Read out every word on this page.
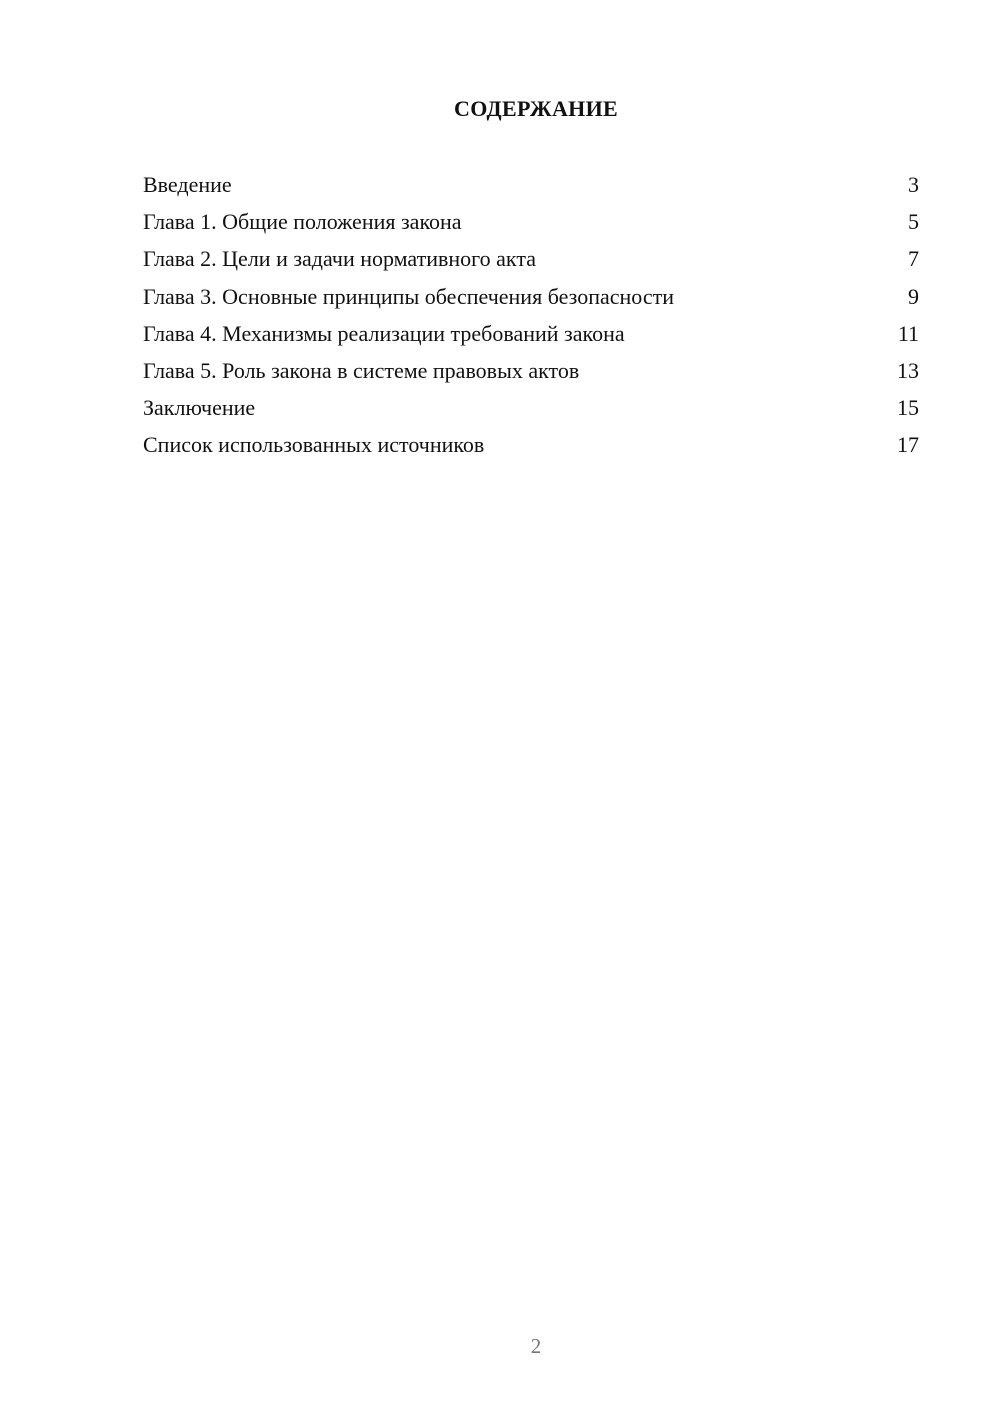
СОДЕРЖАНИЕ
Введение	3
Глава 1. Общие положения закона	5
Глава 2. Цели и задачи нормативного акта	7
Глава 3. Основные принципы обеспечения безопасности	9
Глава 4. Механизмы реализации требований закона	11
Глава 5. Роль закона в системе правовых актов	13
Заключение	15
Список использованных источников	17
2
